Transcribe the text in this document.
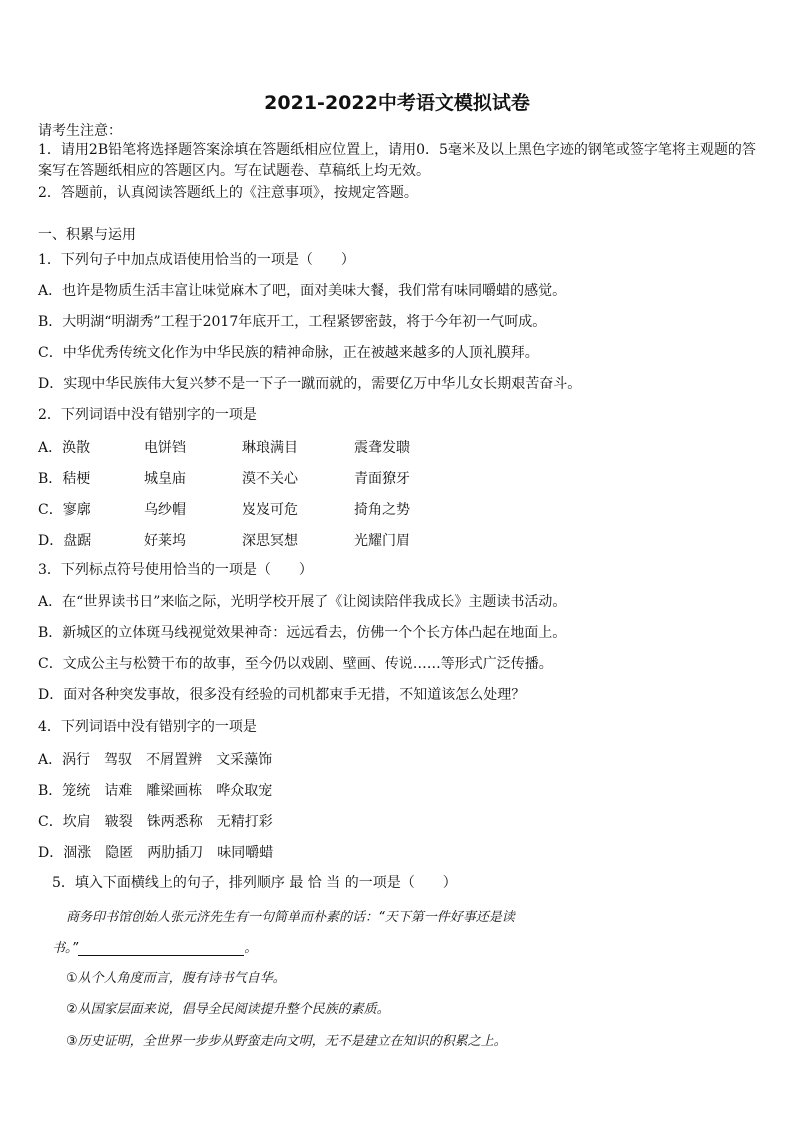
2021-2022中考语文模拟试卷
请考生注意：
1．请用2B铅笔将选择题答案涂填在答题纸相应位置上，请用0．5毫米及以上黑色字迹的钢笔或签字笔将主观题的答案写在答题纸相应的答题区内。写在试题卷、草稿纸上均无效。
2．答题前，认真阅读答题纸上的《注意事项》，按规定答题。
一、积累与运用
1．下列句子中加点成语使用恰当的一项是（　　）
A．也许是物质生活丰富让味觉麻木了吧，面对美味大餐，我们常有味同嚼蜡的感觉。
B．大明湖“明湖秀”工程于2017年底开工，工程紧锣密鼓，将于今年初一气呵成。
C．中华优秀传统文化作为中华民族的精神命脉，正在被越来越多的人顶礼膜拜。
D．实现中华民族伟大复兴梦不是一下子一蹴而就的，需要亿万中华儿女长期艰苦奋斗。
2．下列词语中没有错别字的一项是
A．涣散	电饼铛	琳琅满目	震聋发聩
B．秸梗	城皇庙	漠不关心	青面獠牙
C．寥廓	乌纱帽	岌岌可危	掎角之势
D．盘踞	好莱坞	深思冥想	光耀门眉
3．下列标点符号使用恰当的一项是（　　）
A．在“世界读书日”来临之际，光明学校开展了《让阅读陪伴我成长》主题读书活动。
B．新城区的立体斑马线视觉效果神奇：远远看去，仿佛一个个长方体凸起在地面上。
C．文成公主与松赞干布的故事，至今仍以戏剧、壁画、传说……等形式广泛传播。
D．面对各种突发事故，很多没有经验的司机都束手无措，不知道该怎么处理？
4．下列词语中没有错别字的一项是
A．涡行 驾驭 不屑置辨 文采藻饰
B．笼统 诘难 雕梁画栋 哗众取宠
C．坎肩 皲裂 铢两悉称 无精打彩
D．涸涨 隐匿 两肋插刀 味同嚼蜡
5．填入下面横线上的句子，排列顺序 最 恰 当 的一项是（　　）
商务印书馆创始人张元济先生有一句简单而朴素的话：“天下第一件好事还是读
书。”	。
①从个人角度而言，腹有诗书气自华。
②从国家层面来说，倡导全民阅读提升整个民族的素质。
③历史证明，全世界一步步从野蛮走向文明，无不是建立在知识的积累之上。
